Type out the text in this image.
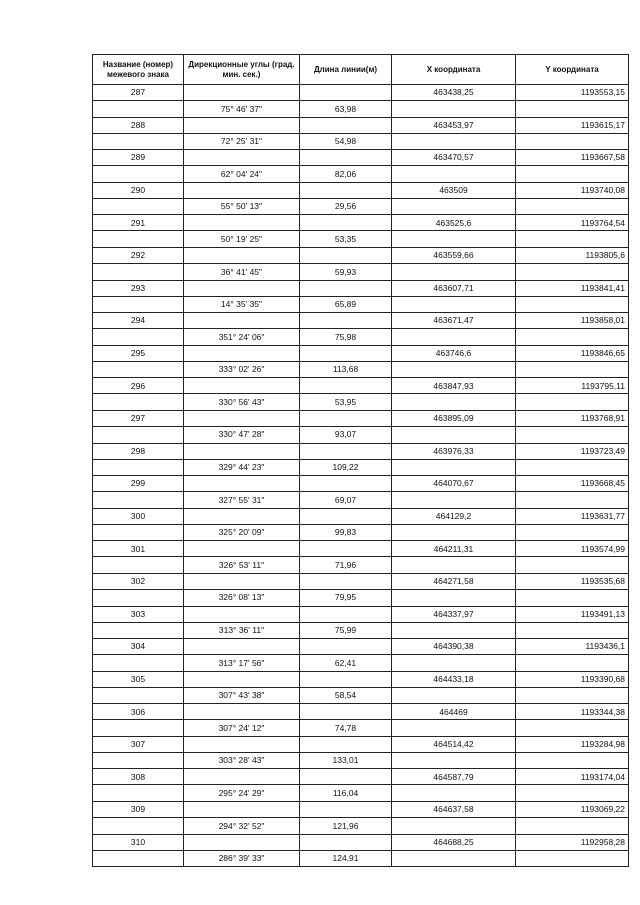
Название (номер) межевого знака	Дирекционные углы (град. мин. сек.)	Длина линии(м)	X координата	Y координата
287			463438,25	1193553,15
	75° 46' 37"	63,98		
288			463453,97	1193615,17
	72° 25' 31"	54,98		
289			463470,57	1193667,58
	62° 04' 24"	82,06		
290			463509	1193740,08
	55° 50' 13"	29,56		
291			463525,6	1193764,54
	50° 19' 25"	53,35		
292			463559,66	1193805,6
	36° 41' 45"	59,93		
293			463607,71	1193841,41
	14° 35' 35"	65,89		
294			463671,47	1193858,01
	351° 24' 06"	75,98		
295			463746,6	1193846,65
	333° 02' 26"	113,68		
296			463847,93	1193795,11
	330° 56' 43"	53,95		
297			463895,09	1193768,91
	330° 47' 28"	93,07		
298			463976,33	1193723,49
	329° 44' 23"	109,22		
299			464070,67	1193668,45
	327° 55' 31"	69,07		
300			464129,2	1193631,77
	325° 20' 09"	99,83		
301			464211,31	1193574,99
	326° 53' 11"	71,96		
302			464271,58	1193535,68
	326° 08' 13"	79,95		
303			464337,97	1193491,13
	313° 36' 11"	75,99		
304			464390,38	1193436,1
	313° 17' 56"	62,41		
305			464433,18	1193390,68
	307° 43' 38"	58,54		
306			464469	1193344,38
	307° 24' 12"	74,78		
307			464514,42	1193284,98
	303° 28' 43"	133,01		
308			464587,79	1193174,04
	295° 24' 29"	116,04		
309			464637,58	1193069,22
	294° 32' 52"	121,96		
310			464688,25	1192958,28
	286° 39' 33"	124,91		
